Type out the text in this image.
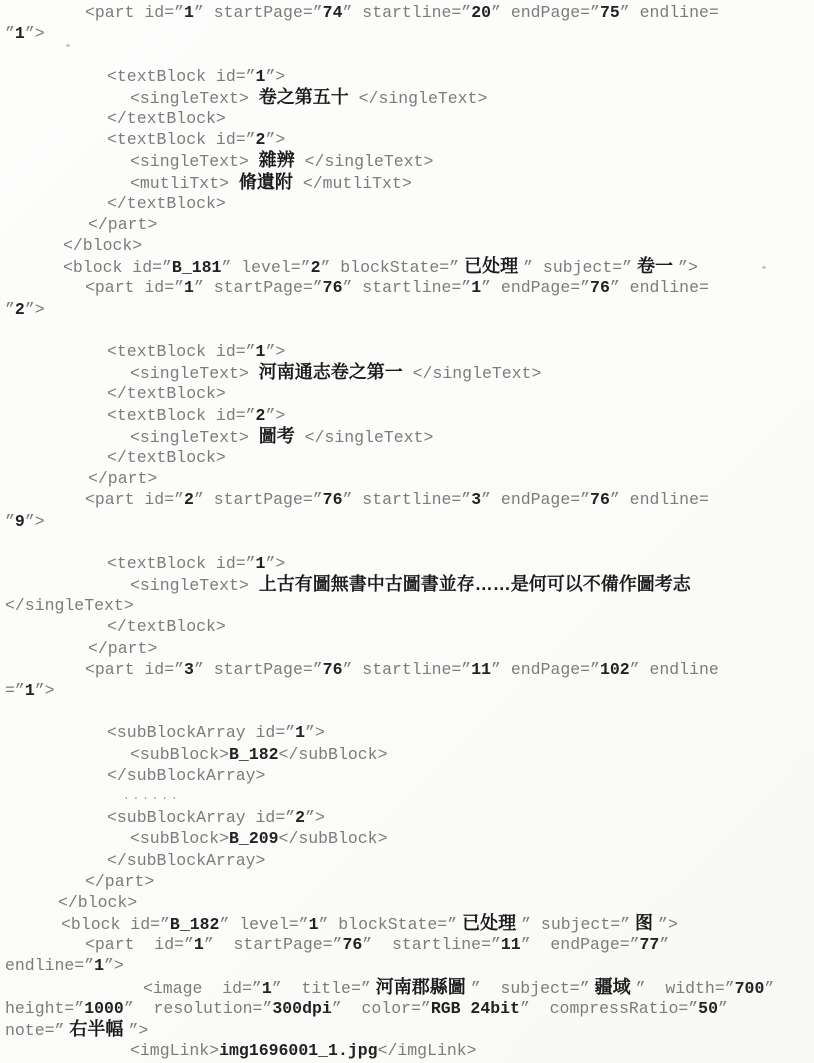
<part id=”1” startPage=”74” startline=”20” endPage=”75” endline=
”1”>
<textBlock id=”1”>
<singleText> 卷之第五十 </singleText>
</textBlock>
<textBlock id=”2”>
<singleText> 雜辨 </singleText>
<mutliTxt> 脩遺附 </mutliTxt>
</textBlock>
</part>
</block>
<block id=”B_181” level=”2” blockState=” 已处理 ” subject=” 卷一 ”>
<part id=”1” startPage=”76” startline=”1” endPage=”76” endline=
”2”>
<textBlock id=”1”>
<singleText> 河南通志卷之第一 </singleText>
</textBlock>
<textBlock id=”2”>
<singleText> 圖考 </singleText>
</textBlock>
</part>
<part id=”2” startPage=”76” startline=”3” endPage=”76” endline=
”9”>
<textBlock id=”1”>
<singleText> 上古有圖無書中古圖書並存……是何可以不備作圖考志
</singleText>
</textBlock>
</part>
<part id=”3” startPage=”76” startline=”11” endPage=”102” endline
=”1”>
<subBlockArray id=”1”>
<subBlock>B_182</subBlock>
</subBlockArray>
......
<subBlockArray id=”2”>
<subBlock>B_209</subBlock>
</subBlockArray>
</part>
</block>
<block id=”B_182” level=”1” blockState=” 已处理 ” subject=” 图 ”>
<part  id=”1”  startPage=”76”  startline=”11”  endPage=”77”
endline=”1”>
<image  id=”1”  title=” 河南郡縣圖 ”  subject=” 疆域 ”  width=”700”
height=”1000”  resolution=”300dpi”  color=”RGB 24bit”  compressRatio=”50”
note=” 右半幅 ”>
<imgLink>img1696001_1.jpg</imgLink>
